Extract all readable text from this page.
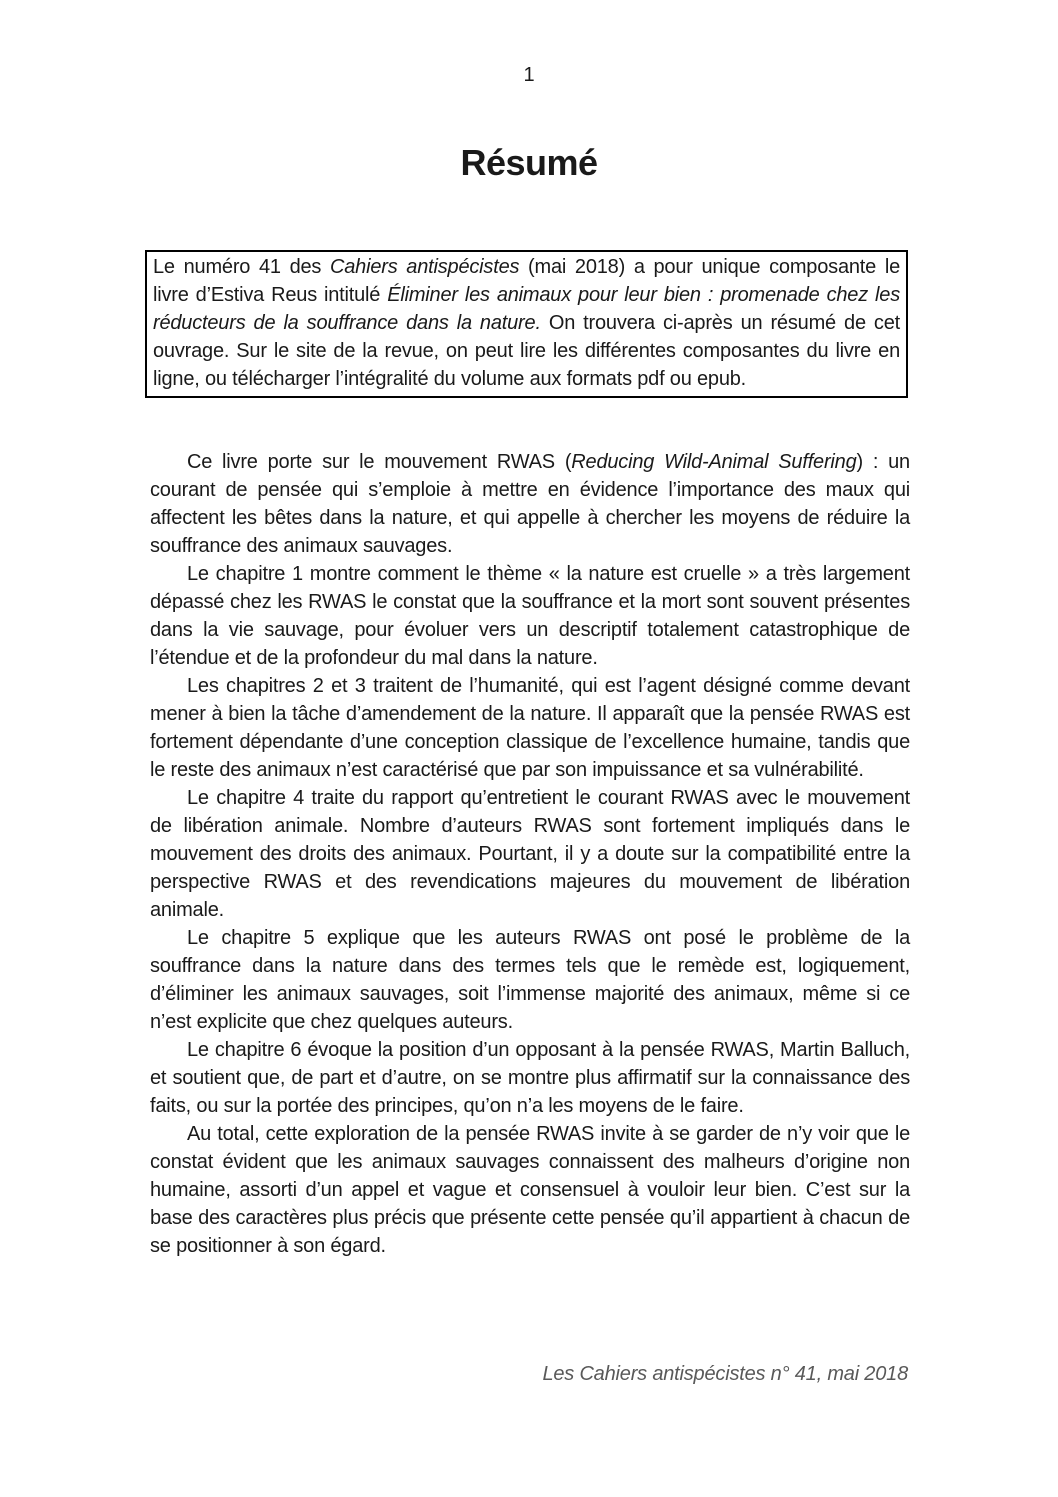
1
Résumé
Le numéro 41 des Cahiers antispécistes (mai 2018) a pour unique composante le livre d’Estiva Reus intitulé Éliminer les animaux pour leur bien : promenade chez les réducteurs de la souffrance dans la nature. On trouvera ci-après un résumé de cet ouvrage. Sur le site de la revue, on peut lire les différentes composantes du livre en ligne, ou télécharger l’intégralité du volume aux formats pdf ou epub.

Ce livre porte sur le mouvement RWAS (Reducing Wild-Animal Suffering) : un courant de pensée qui s’emploie à mettre en évidence l’importance des maux qui affectent les bêtes dans la nature, et qui appelle à chercher les moyens de réduire la souffrance des animaux sauvages.

Le chapitre 1 montre comment le thème « la nature est cruelle » a très largement dépassé chez les RWAS le constat que la souffrance et la mort sont souvent présentes dans la vie sauvage, pour évoluer vers un descriptif totalement catastrophique de l’étendue et de la profondeur du mal dans la nature.

Les chapitres 2 et 3 traitent de l’humanité, qui est l’agent désigné comme devant mener à bien la tâche d’amendement de la nature. Il apparaît que la pensée RWAS est fortement dépendante d’une conception classique de l’excellence humaine, tandis que le reste des animaux n’est caractérisé que par son impuissance et sa vulnérabilité.

Le chapitre 4 traite du rapport qu’entretient le courant RWAS avec le mouvement de libération animale. Nombre d’auteurs RWAS sont fortement impliqués dans le mouvement des droits des animaux. Pourtant, il y a doute sur la compatibilité entre la perspective RWAS et des revendications majeures du mouvement de libération animale.

Le chapitre 5 explique que les auteurs RWAS ont posé le problème de la souffrance dans la nature dans des termes tels que le remède est, logiquement, d’éliminer les animaux sauvages, soit l’immense majorité des animaux, même si ce n’est explicite que chez quelques auteurs.

Le chapitre 6 évoque la position d’un opposant à la pensée RWAS, Martin Balluch, et soutient que, de part et d’autre, on se montre plus affirmatif sur la connaissance des faits, ou sur la portée des principes, qu’on n’a les moyens de le faire.

Au total, cette exploration de la pensée RWAS invite à se garder de n’y voir que le constat évident que les animaux sauvages connaissent des malheurs d’origine non humaine, assorti d’un appel et vague et consensuel à vouloir leur bien. C’est sur la base des caractères plus précis que présente cette pensée qu’il appartient à chacun de se positionner à son égard.

Les Cahiers antispécistes n° 41, mai 2018
